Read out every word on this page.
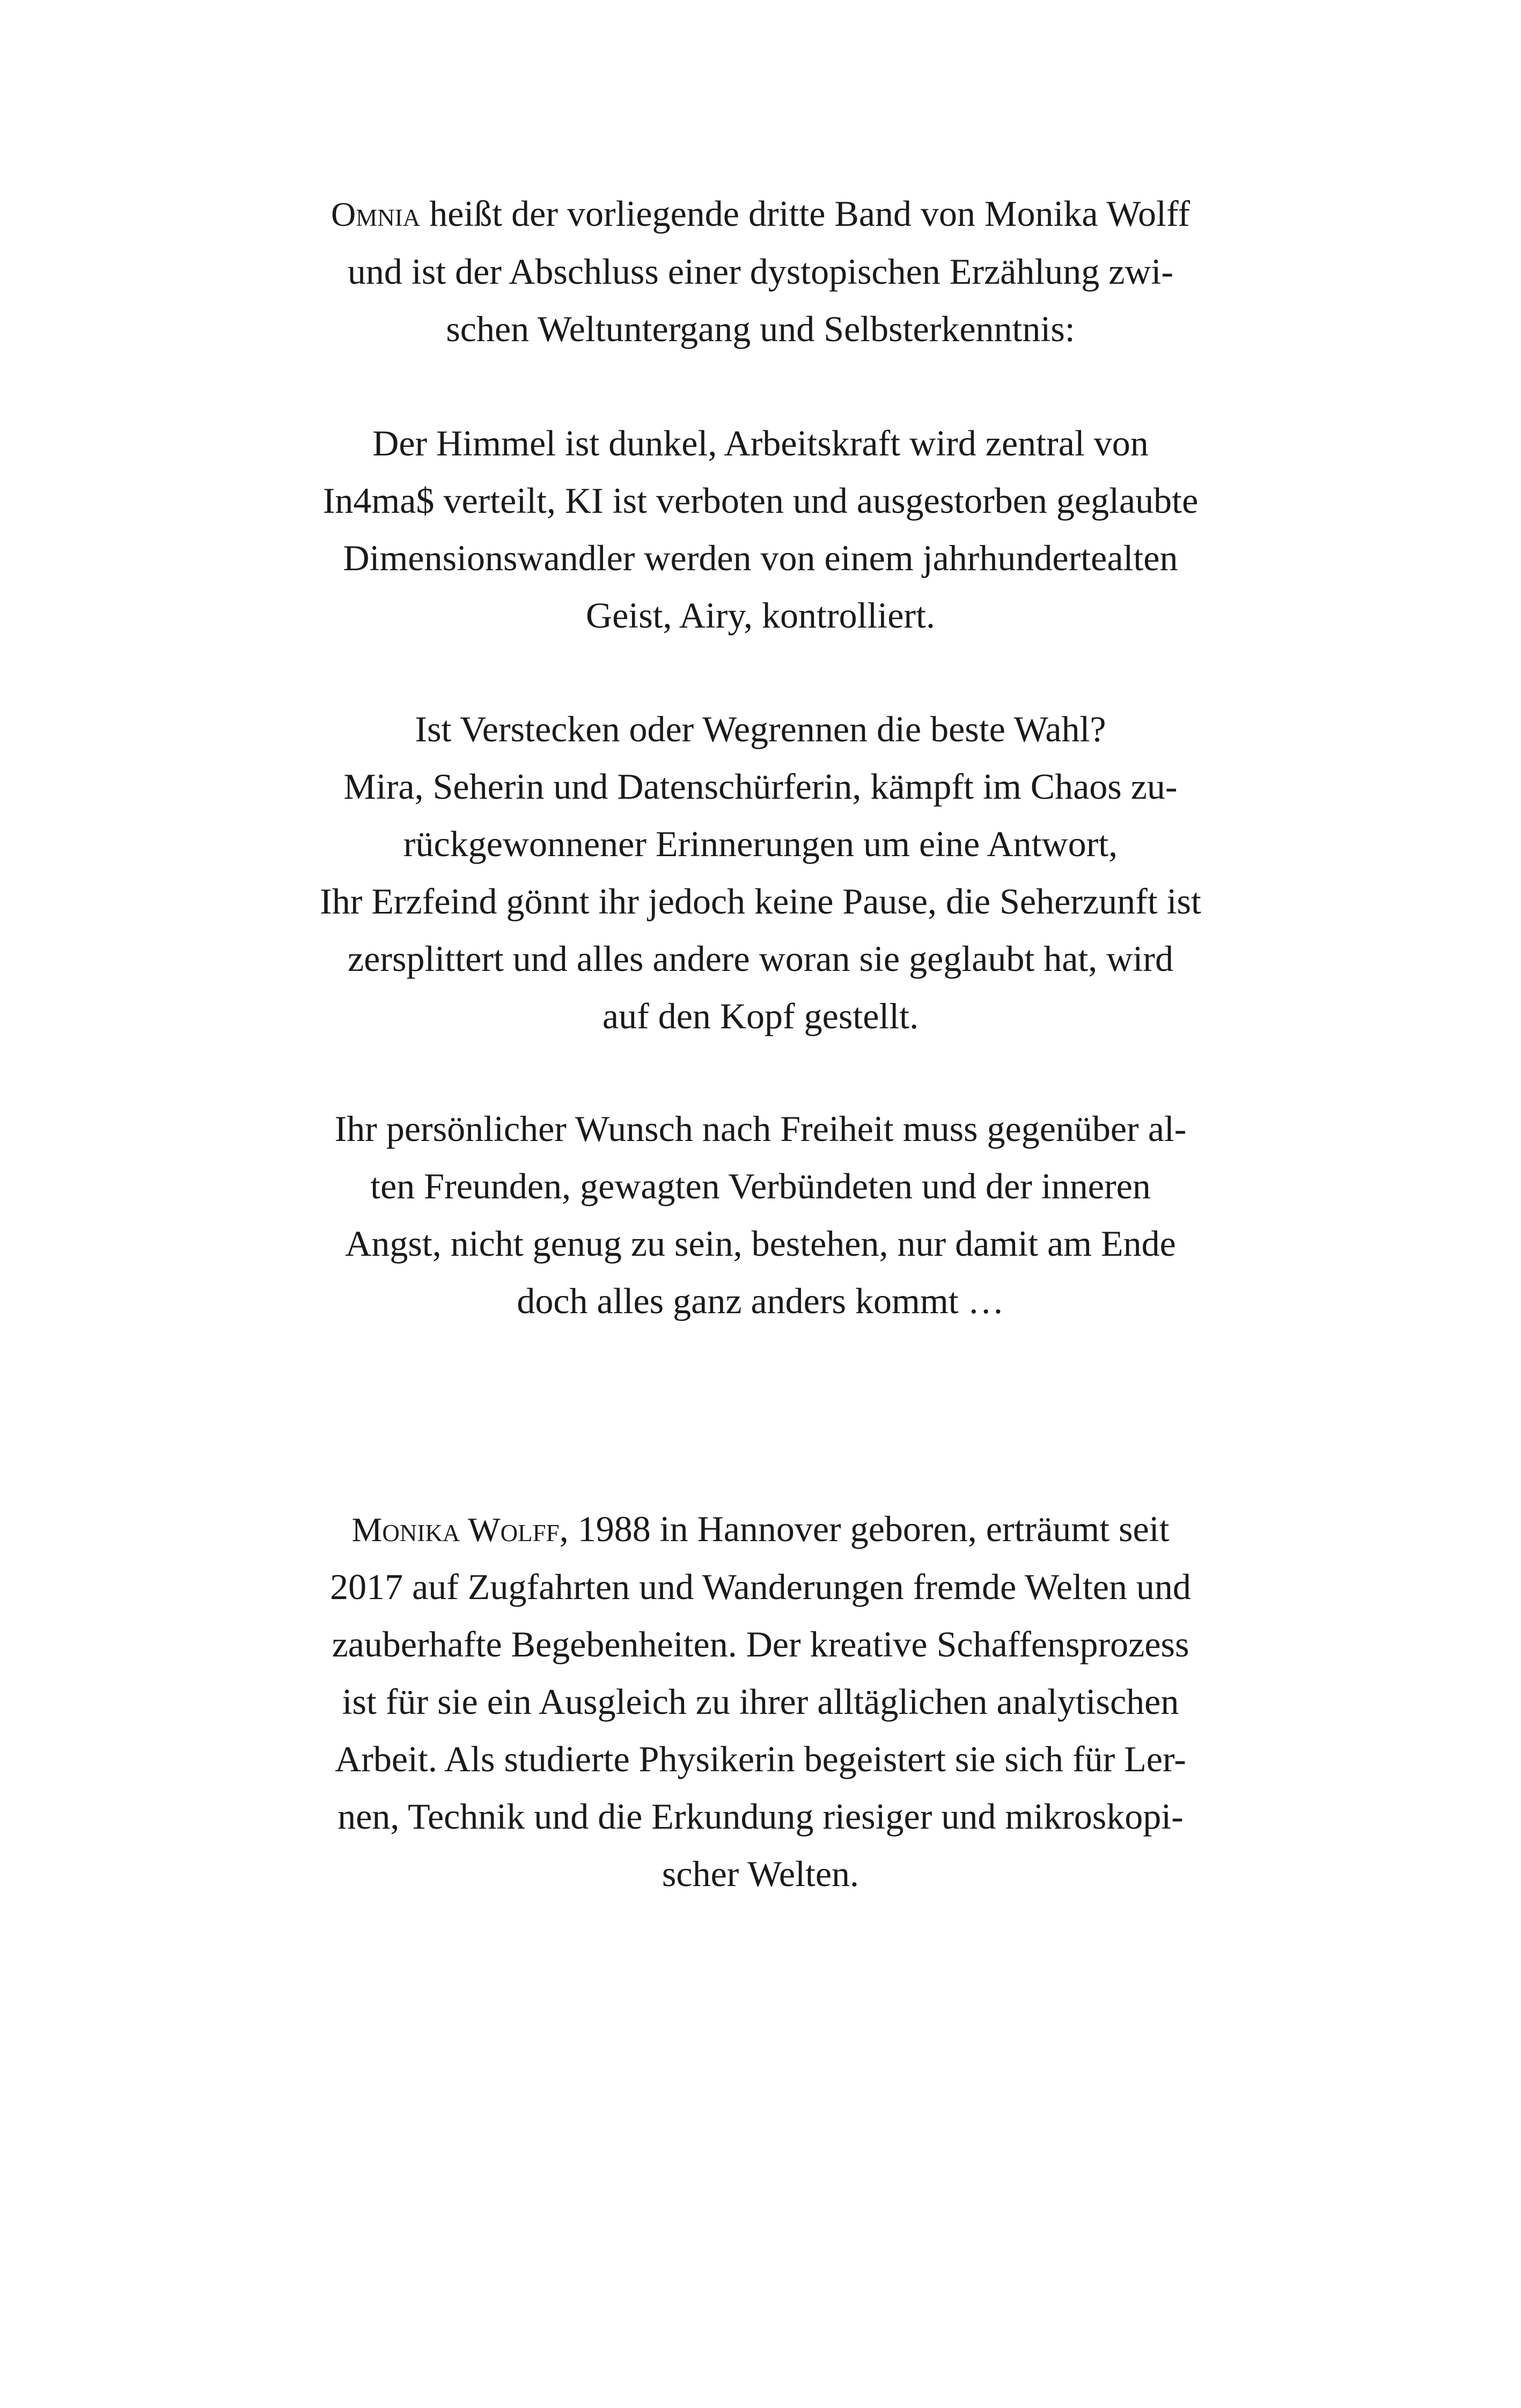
Omnia heißt der vorliegende dritte Band von Monika Wolff
und ist der Abschluss einer dystopischen Erzählung zwi-
schen Weltuntergang und Selbsterkenntnis:
Der Himmel ist dunkel, Arbeitskraft wird zentral von
In4ma$ verteilt, KI ist verboten und ausgestorben geglaubte
Dimensionswandler werden von einem jahrhundertealten
Geist, Airy, kontrolliert.
Ist Verstecken oder Wegrennen die beste Wahl?
Mira, Seherin und Datenschürferin, kämpft im Chaos zu-
rückgewonnener Erinnerungen um eine Antwort,
Ihr Erzfeind gönnt ihr jedoch keine Pause, die Seherzunft ist
zersplittert und alles andere woran sie geglaubt hat, wird
auf den Kopf gestellt.
Ihr persönlicher Wunsch nach Freiheit muss gegenüber al-
ten Freunden, gewagten Verbündeten und der inneren
Angst, nicht genug zu sein, bestehen, nur damit am Ende
doch alles ganz anders kommt …
Monika Wolff, 1988 in Hannover geboren, erträumt seit
2017 auf Zugfahrten und Wanderungen fremde Welten und
zauberhafte Begebenheiten. Der kreative Schaffensprozess
ist für sie ein Ausgleich zu ihrer alltäglichen analytischen
Arbeit. Als studierte Physikerin begeistert sie sich für Ler-
nen, Technik und die Erkundung riesiger und mikroskopi-
scher Welten.
